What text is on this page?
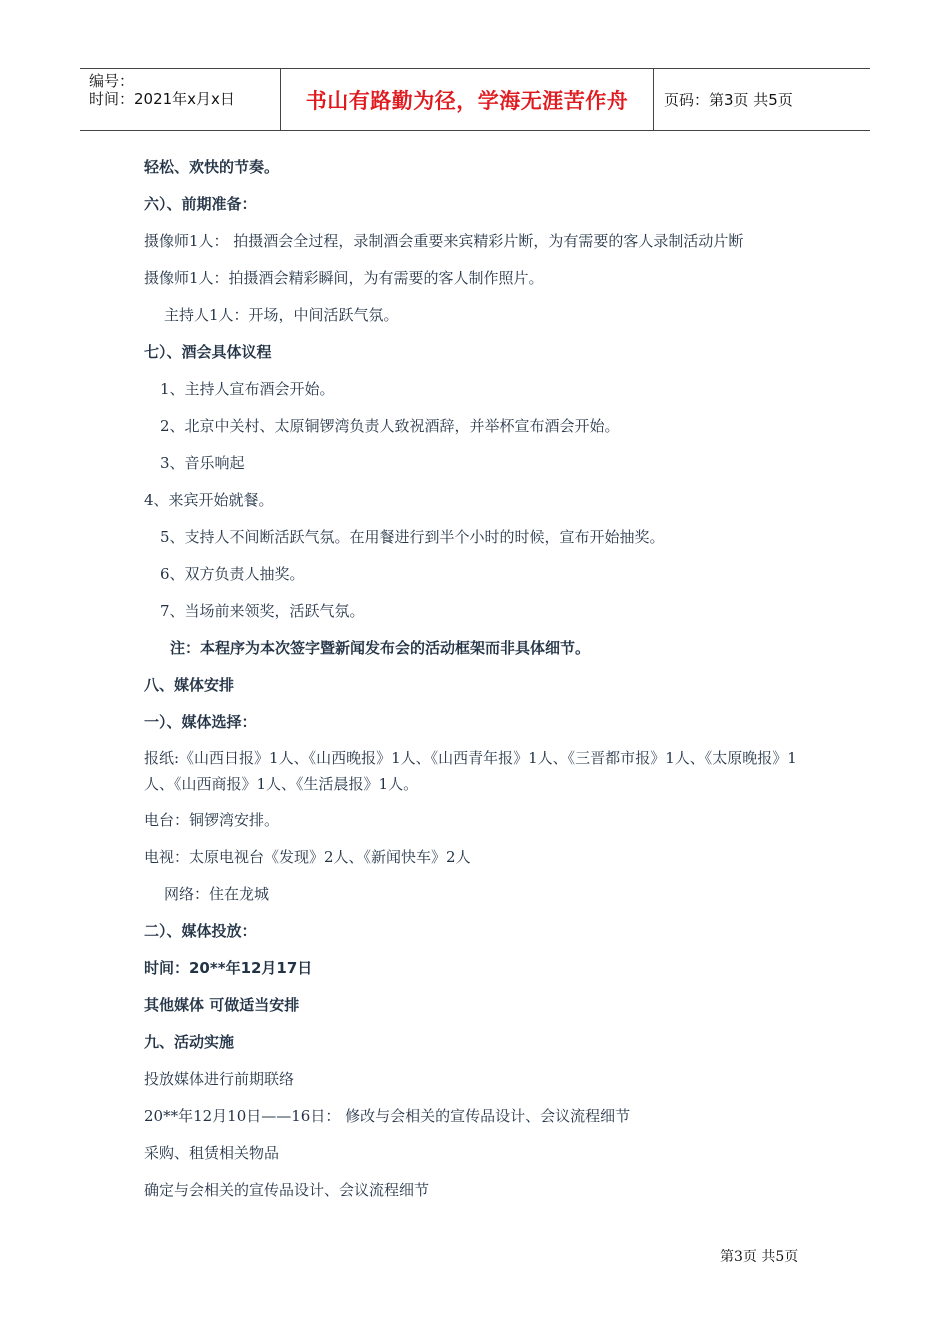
编号：
时间：2021年x月x日	书山有路勤为径，学海无涯苦作舟 页码：第3页 共5页
轻松、欢快的节奏。
六）、前期准备：
摄像师1人： 拍摄酒会全过程，录制酒会重要来宾精彩片断，为有需要的客人录制活动片断
摄像师1人：拍摄酒会精彩瞬间，为有需要的客人制作照片。
主持人1人：开场，中间活跃气氛。
七）、酒会具体议程
1、主持人宣布酒会开始。
2、北京中关村、太原铜锣湾负责人致祝酒辞，并举杯宣布酒会开始。
3、音乐响起
4、来宾开始就餐。
5、支持人不间断活跃气氛。在用餐进行到半个小时的时候，宣布开始抽奖。
6、双方负责人抽奖。
7、当场前来领奖，活跃气氛。
注：本程序为本次签字暨新闻发布会的活动框架而非具体细节。
八、媒体安排
一）、媒体选择：
报纸:《山西日报》1人、《山西晚报》1人、《山西青年报》1人、《三晋都市报》1人、《太原晚报》1人、《山西商报》1人、《生活晨报》1人。
电台：铜锣湾安排。
电视：太原电视台《发现》2人、《新闻快车》2人
网络：住在龙城
二）、媒体投放：
时间：20**年12月17日
其他媒体 可做适当安排
九、活动实施
投放媒体进行前期联络
20**年12月10日——16日： 修改与会相关的宣传品设计、会议流程细节
采购、租赁相关物品
确定与会相关的宣传品设计、会议流程细节
第3页 共5页
